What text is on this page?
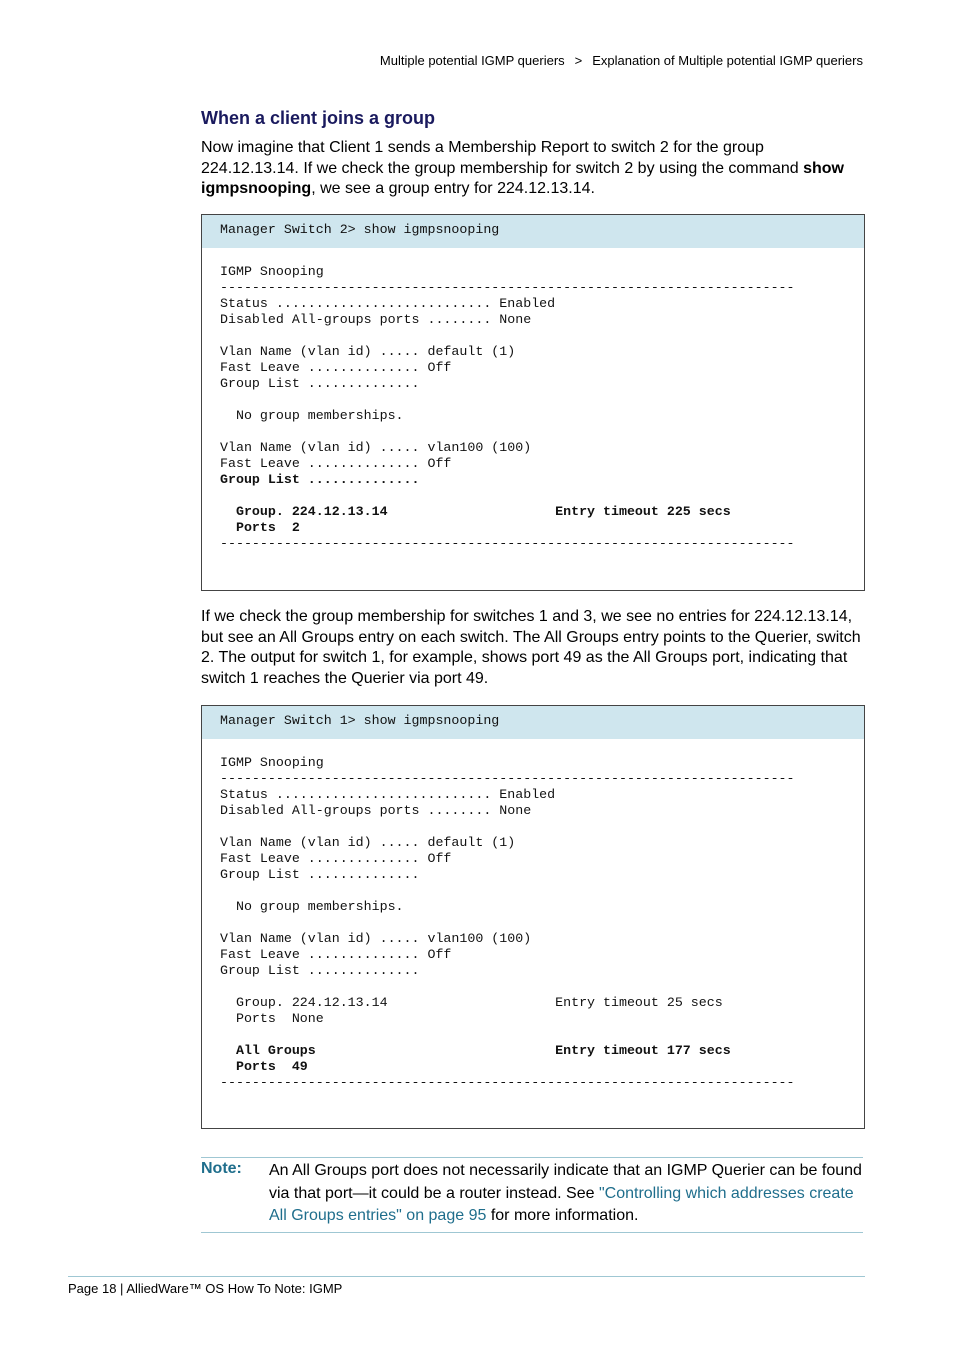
Multiple potential IGMP queriers > Explanation of Multiple potential IGMP queriers
When a client joins a group

Now imagine that Client 1 sends a Membership Report to switch 2 for the group 224.12.13.14. If we check the group membership for switch 2 by using the command show igmpsnooping, we see a group entry for 224.12.13.14.

Manager Switch 2> show igmpsnooping
IGMP Snooping
------------------------------------------------------------------------
Status ........................... Enabled
Disabled All-groups ports ........ None

Vlan Name (vlan id) ..... default (1)
Fast Leave .............. Off
Group List ..............

No group memberships.

Vlan Name (vlan id) ..... vlan100 (100)
Fast Leave .............. Off
Group List ..............

Group. 224.12.13.14                     Entry timeout 225 secs
Ports  2
------------------------------------------------------------------------

If we check the group membership for switches 1 and 3, we see no entries for 224.12.13.14, but see an All Groups entry on each switch. The All Groups entry points to the Querier, switch 2. The output for switch 1, for example, shows port 49 as the All Groups port, indicating that switch 1 reaches the Querier via port 49.

Manager Switch 1> show igmpsnooping
IGMP Snooping
------------------------------------------------------------------------
Status ........................... Enabled
Disabled All-groups ports ........ None

Vlan Name (vlan id) ..... default (1)
Fast Leave .............. Off
Group List ..............

No group memberships.

Vlan Name (vlan id) ..... vlan100 (100)
Fast Leave .............. Off
Group List ..............

Group. 224.12.13.14                     Entry timeout 25 secs
Ports  None

All Groups                              Entry timeout 177 secs
Ports  49
------------------------------------------------------------------------
Note: An All Groups port does not necessarily indicate that an IGMP Querier can be found via that port—it could be a router instead. See "Controlling which addresses create All Groups entries" on page 95 for more information.
Page 18 | AlliedWare™ OS How To Note: IGMP
